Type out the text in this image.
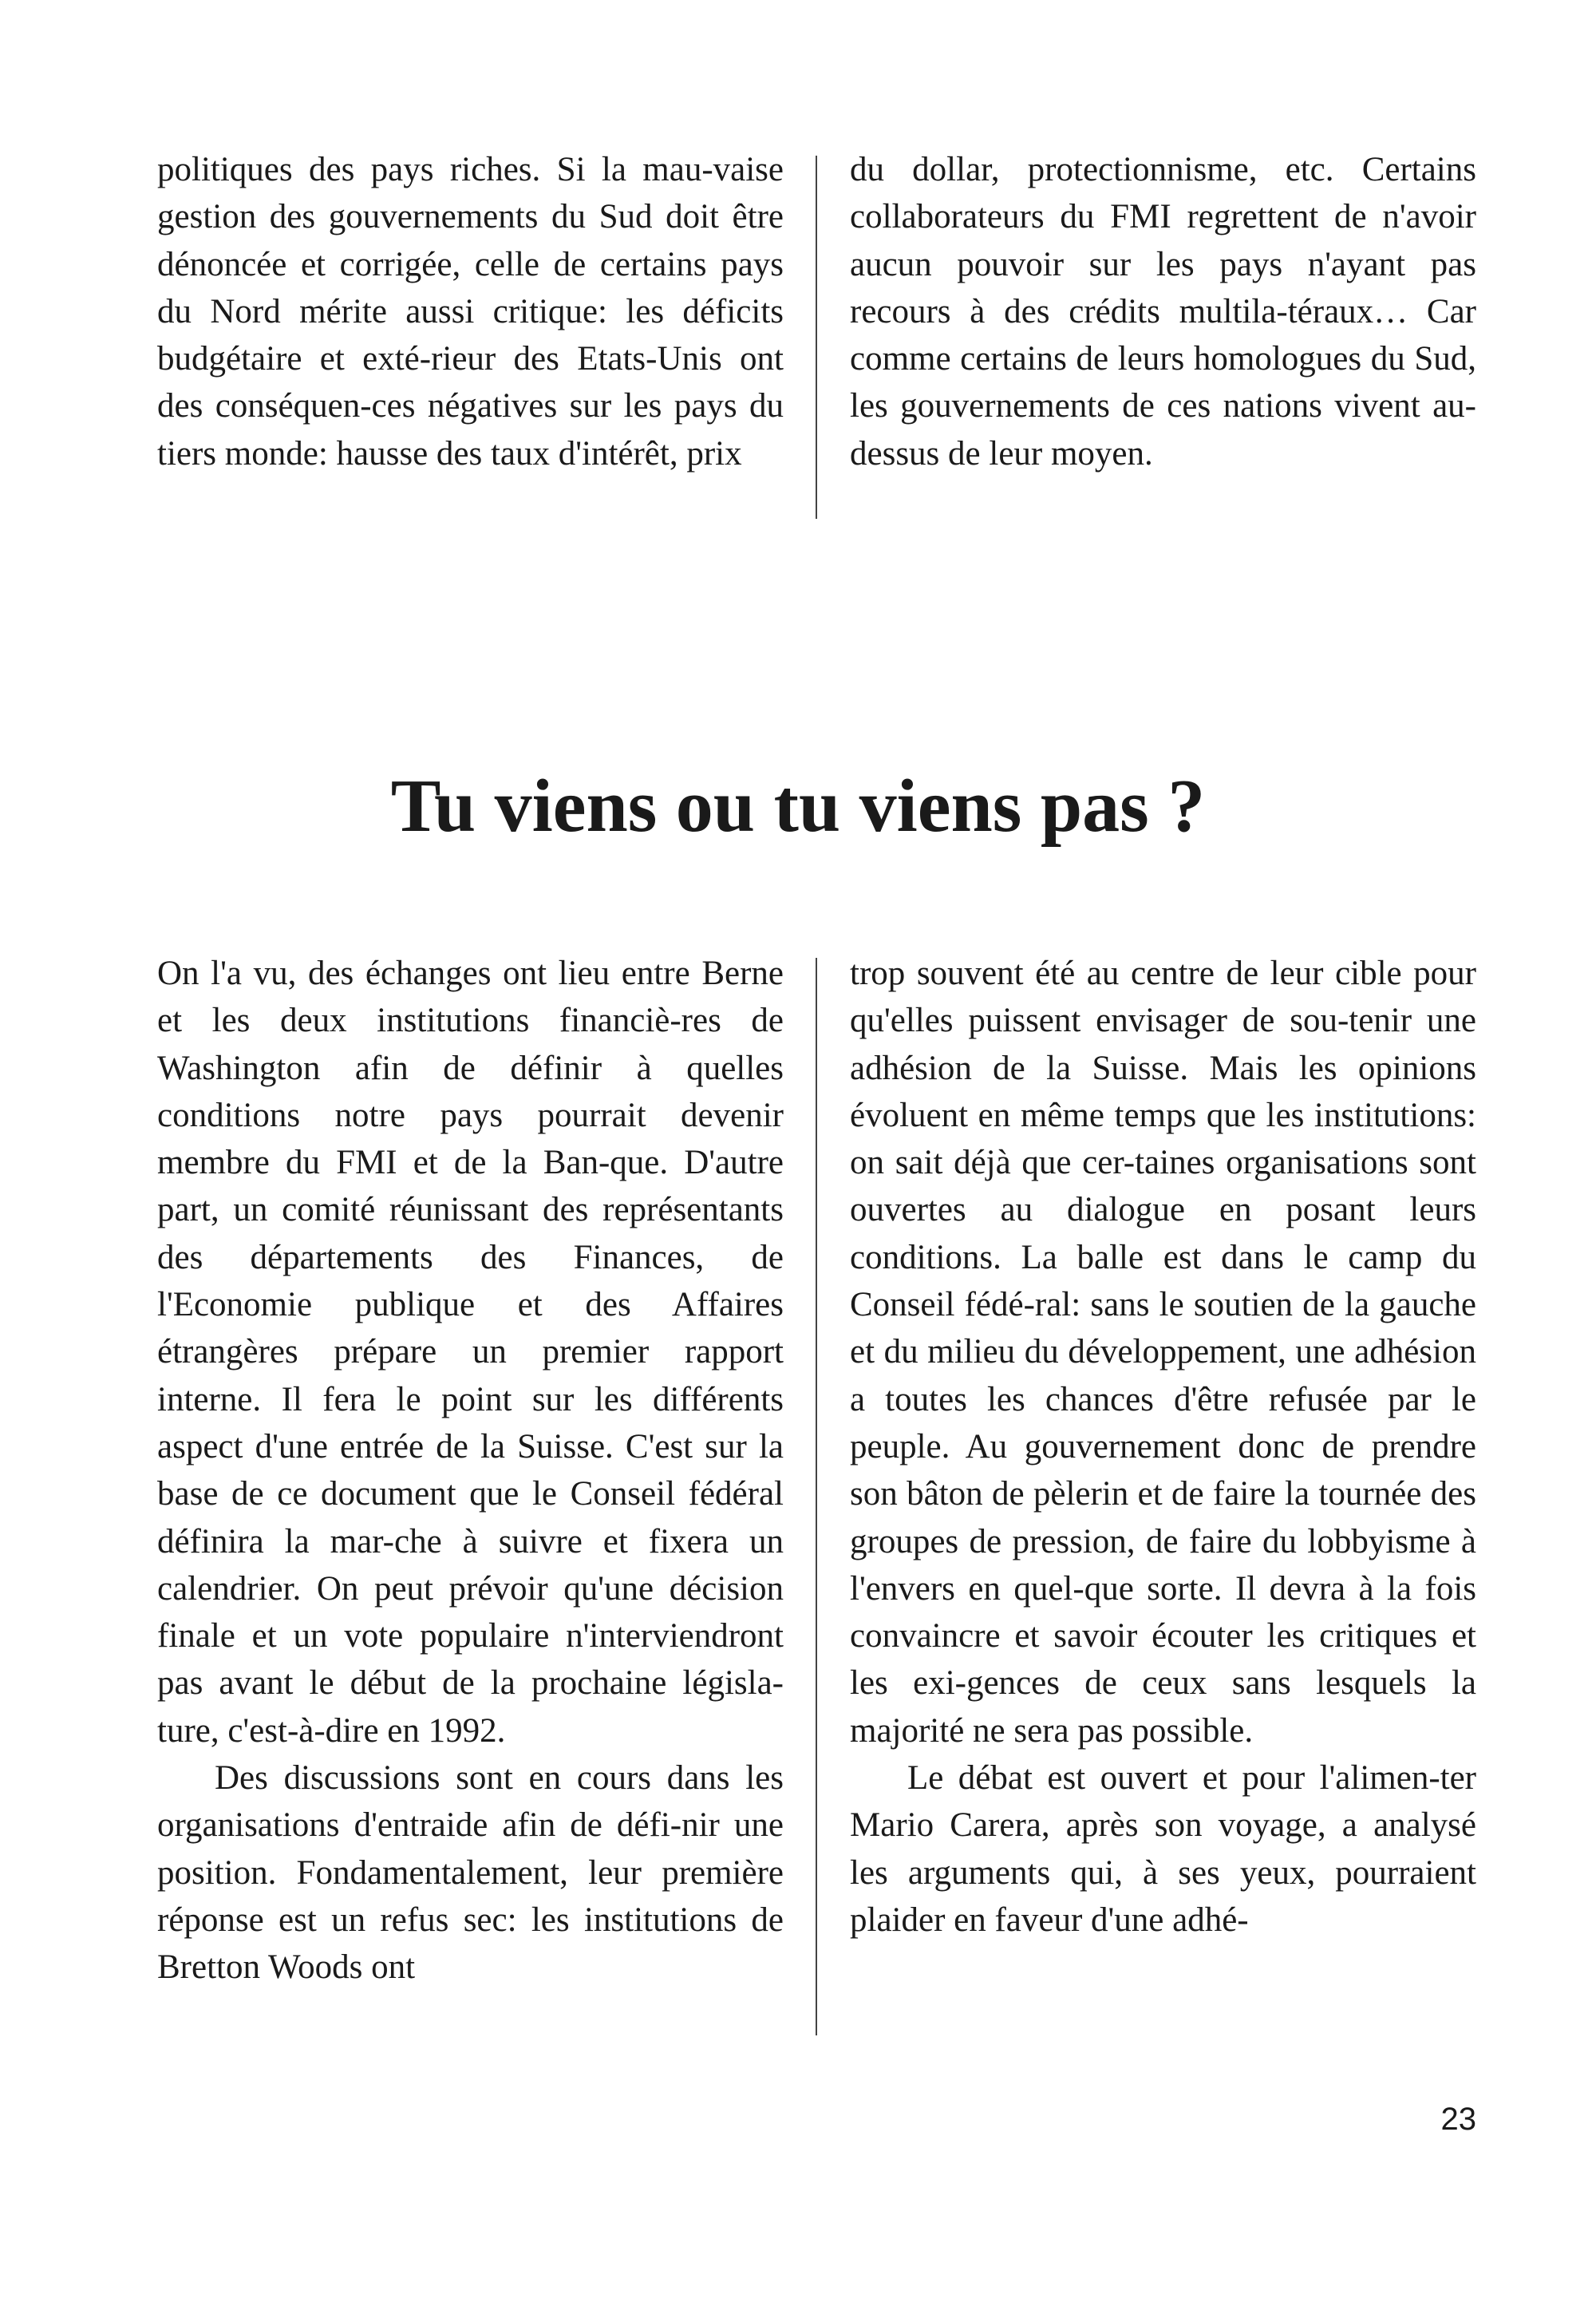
politiques des pays riches. Si la mau-vaise gestion des gouvernements du Sud doit être dénoncée et corrigée, celle de certains pays du Nord mérite aussi critique: les déficits budgétaire et exté-rieur des Etats-Unis ont des conséquen-ces négatives sur les pays du tiers monde: hausse des taux d'intérêt, prix

du dollar, protectionnisme, etc. Certains collaborateurs du FMI regrettent de n'avoir aucun pouvoir sur les pays n'ayant pas recours à des crédits multila-téraux… Car comme certains de leurs homologues du Sud, les gouvernements de ces nations vivent au-dessus de leur moyen.

Tu viens ou tu viens pas ?

On l'a vu, des échanges ont lieu entre Berne et les deux institutions financiè-res de Washington afin de définir à quelles conditions notre pays pourrait devenir membre du FMI et de la Ban-que. D'autre part, un comité réunissant des représentants des départements des Finances, de l'Economie publique et des Affaires étrangères prépare un premier rapport interne. Il fera le point sur les différents aspect d'une entrée de la Suisse. C'est sur la base de ce document que le Conseil fédéral définira la mar-che à suivre et fixera un calendrier. On peut prévoir qu'une décision finale et un vote populaire n'interviendront pas avant le début de la prochaine législa-ture, c'est-à-dire en 1992.

Des discussions sont en cours dans les organisations d'entraide afin de défi-nir une position. Fondamentalement, leur première réponse est un refus sec: les institutions de Bretton Woods ont

trop souvent été au centre de leur cible pour qu'elles puissent envisager de sou-tenir une adhésion de la Suisse. Mais les opinions évoluent en même temps que les institutions: on sait déjà que cer-taines organisations sont ouvertes au dialogue en posant leurs conditions. La balle est dans le camp du Conseil fédé-ral: sans le soutien de la gauche et du milieu du développement, une adhésion a toutes les chances d'être refusée par le peuple. Au gouvernement donc de prendre son bâton de pèlerin et de faire la tournée des groupes de pression, de faire du lobbyisme à l'envers en quel-que sorte. Il devra à la fois convaincre et savoir écouter les critiques et les exi-gences de ceux sans lesquels la majorité ne sera pas possible.

Le débat est ouvert et pour l'alimen-ter Mario Carera, après son voyage, a analysé les arguments qui, à ses yeux, pourraient plaider en faveur d'une adhé-

23
